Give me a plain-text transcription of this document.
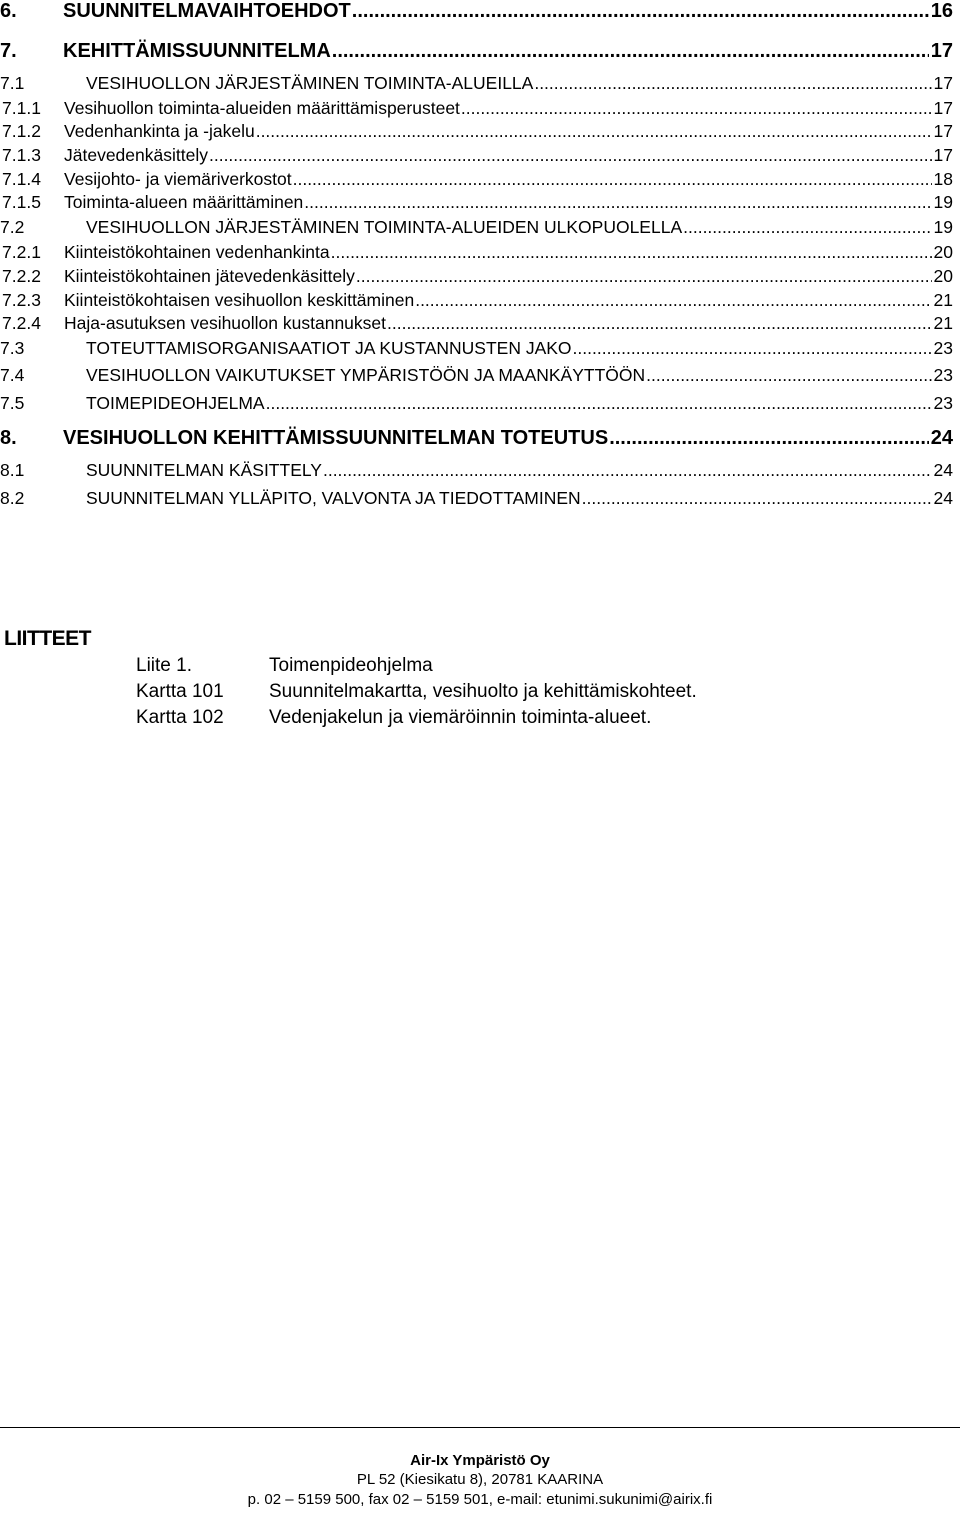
6.	SUUNNITELMAVAIHTOEHDOT .....	16
7.	KEHITTÄMISSUUNNITELMA .....	17
7.1	VESIHUOLLON JÄRJESTÄMINEN TOIMINTA-ALUEILLA .....	17
7.1.1	Vesihuollon toiminta-alueiden määrittämisperusteet .....	17
7.1.2	Vedenhankinta ja -jakelu .....	17
7.1.3	Jätevedenkäsittely .....	17
7.1.4	Vesijohto- ja viemäriverkostot .....	18
7.1.5	Toiminta-alueen määrittäminen .....	19
7.2	VESIHUOLLON JÄRJESTÄMINEN TOIMINTA-ALUEIDEN ULKOPUOLELLA .....	19
7.2.1	Kiinteistökohtainen vedenhankinta .....	20
7.2.2	Kiinteistökohtainen jätevedenkäsittely .....	20
7.2.3	Kiinteistökohtaisen vesihuollon keskittäminen .....	21
7.2.4	Haja-asutuksen vesihuollon kustannukset .....	21
7.3	TOTEUTTAMISORGANISAATIOT JA KUSTANNUSTEN JAKO .....	23
7.4	VESIHUOLLON VAIKUTUKSET YMPÄRISTÖÖN JA MAANKÄYTTÖÖN .....	23
7.5	TOIMEPIDEOHJELMA .....	23
8.	VESIHUOLLON KEHITTÄMISSUUNNITELMAN TOTEUTUS .....	24
8.1	SUUNNITELMAN KÄSITTELY .....	24
8.2	SUUNNITELMAN YLLÄPITO, VALVONTA JA TIEDOTTAMINEN .....	24
LIITTEET
Liite 1.	Toimenpideohjelma
Kartta 101 Suunnitelmakartta, vesihuolto ja kehittämiskohteet.
Kartta 102 Vedenjakelun ja viemäröinnin toiminta-alueet.
Air-Ix Ympäristö Oy
PL 52 (Kiesikatu 8), 20781 KAARINA
p. 02 – 5159 500, fax 02 – 5159 501, e-mail: etunimi.sukunimi@airix.fi
